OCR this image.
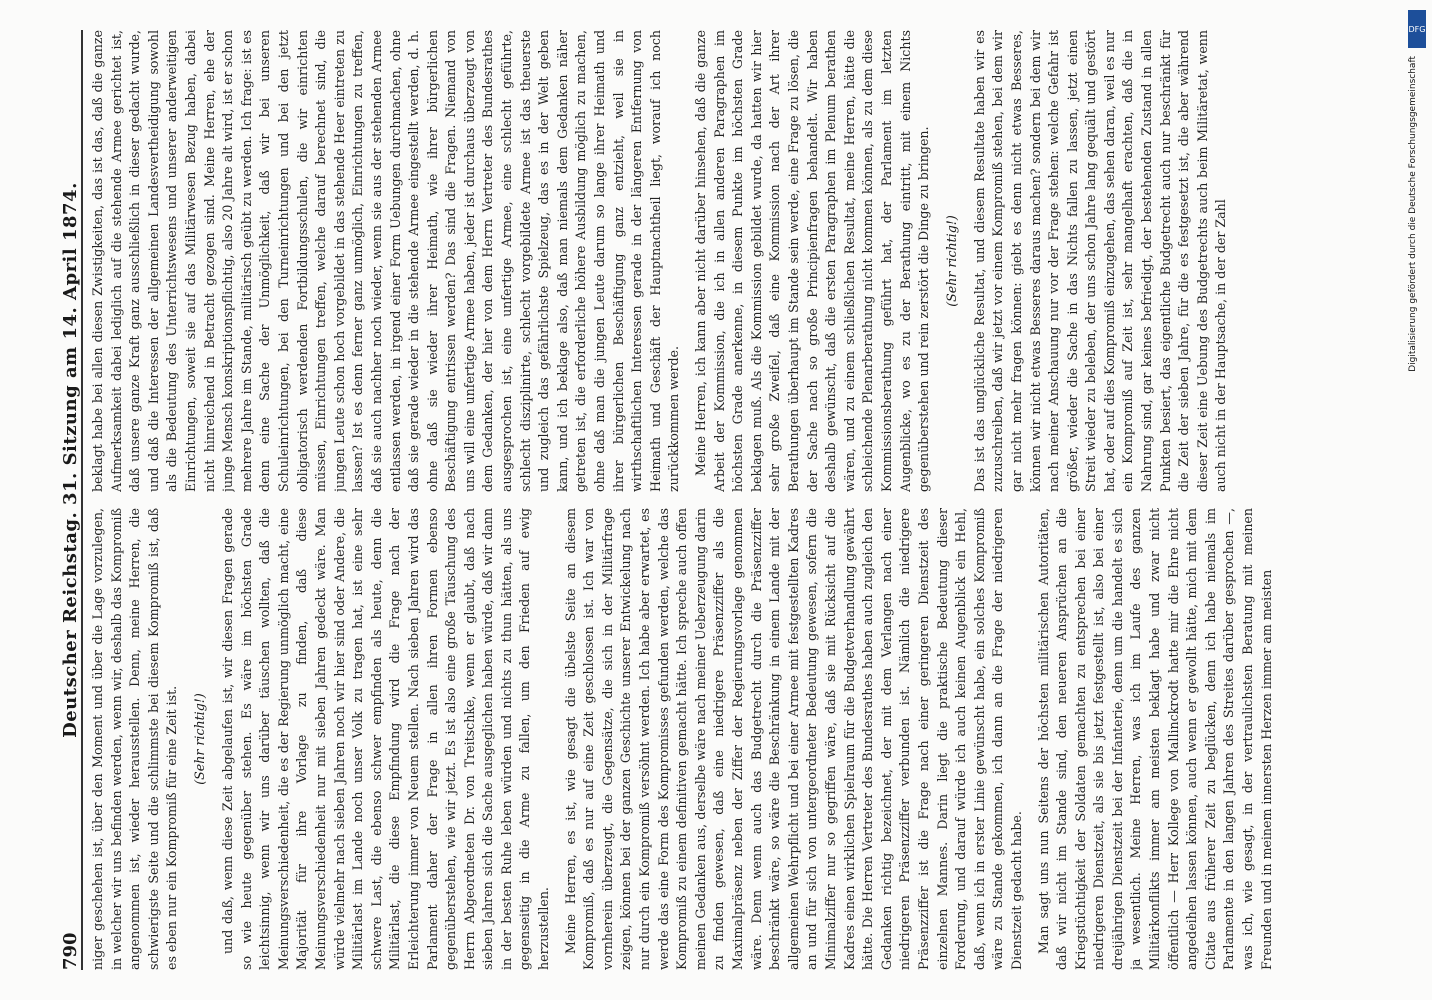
790
Deutscher Reichstag. 31. Sitzung am 14. April 1874.

niger geschehen ist, über den Moment und über die Lage vorzulegen, in welcher wir uns befinden werden, wenn wir, deshalb das Kompromiß angenommen ist, wieder herausstellen. Denn, meine Herren, die schwierigste Seite und die schlimmste bei diesem Kompromiß ist, daß es eben nur ein Kompromiß für eine Zeit ist. (Sehr richtig!) und daß, wenn diese Zeit abgelaufen ist, wir diesen Fragen gerade so wie heute gegenüber stehen. Es wäre im höchsten Grade leichtsinnig, wenn wir uns darüber täuschen wollten, daß die Meinungsverschiedenheit, die es der Regierung unmöglich macht, eine Majorität für ihre Vorlage zu finden, daß diese Meinungsverschiedenheit nur mit sieben Jahren gedeckt wäre. Man würde vielmehr nach sieben Jahren noch wir hier sind oder Andere, die Militärlast im Lande noch unser Volk zu tragen hat, ist eine sehr schwere Last, die ebenso schwer empfinden als heute, denn die Militärlast, die diese Empfindung wird die Frage nach der Erleichterung immer von Neuem stellen. Nach sieben Jahren wird das Parlament daher der Frage in allen ihren Formen ebenso gegenüberstehen, wie wir jetzt. Es ist also eine große Täuschung des Herrn Abgeordneten Dr. von Treitschke, wenn er glaubt, daß nach sieben Jahren sich die Sache ausgeglichen haben würde, daß wir dann in der besten Ruhe leben würden und nichts zu thun hätten, als uns gegenseitig in die Arme zu fallen, um den Frieden auf ewig herzustellen. Meine Herren, es ist, wie gesagt die übelste Seite an diesem Kompromiß, daß es nur auf eine Zeit geschlossen ist. Ich war von vornherein überzeugt, die Gegensätze, die sich in der Militärfrage zeigen, können bei der ganzen Geschichte unserer Entwickelung nach nur durch ein Kompromiß versöhnt werden. Ich habe aber erwartet, es werde das eine Form des Kompromisses gefunden werden, welche das Kompromiß zu einem definitiven gemacht hätte. Ich spreche auch offen meinen Gedanken aus, derselbe wäre nach meiner Ueberzeugung darin zu finden gewesen, daß eine niedrigere Präsenzziffer als die Maximalpräsenz neben der Ziffer der Regierungsvorlage genommen wäre. Denn wenn auch das Budgetrecht durch die Präsenzziffer beschränkt wäre, so wäre die Beschränkung in einem Lande mit der allgemeinen Wehrpflicht und bei einer Armee mit festgestellten Kadres an und für sich von untergeordneter Bedeutung gewesen, sofern die Minimalziffer nur so gegriffen wäre, daß sie mit Rücksicht auf die Kadres einen wirklichen Spielraum für die Budgetverhandlung gewährt hätte. Die Herren Vertreter des Bundesrathes haben auch zugleich den Gedanken richtig bezeichnet, der mit dem Verlangen nach einer niedrigeren Präsenzziffer verbunden ist. Nämlich die niedrigere Präsenzziffer ist die Frage nach einer geringeren Dienstzeit des einzelnen Mannes. Darin liegt die praktische Bedeutung dieser Forderung, und darauf würde ich auch keinen Augenblick ein Hehl, daß, wenn ich in erster Linie gewünscht habe, ein solches Kompromiß wäre zu Stande gekommen, ich dann an die Frage der niedrigeren Dienstzeit gedacht habe. Man sagt uns nun Seitens der höchsten militärischen Autoritäten, daß wir nicht im Stande sind, den neueren Ansprüchen an die Kriegstüchtigkeit der Soldaten gemachten zu entsprechen bei einer niedrigeren Dienstzeit, als sie bis jetzt festgestellt ist, also bei einer dreijährigen Dienstzeit bei der Infanterie, denn um die handelt es sich ja wesentlich. Meine Herren, was ich im Laufe des ganzen Militärkonflikts immer am meisten beklagt habe und zwar nicht öffentlich — Herr Kollege von Mallinckrodt hatte mir die Ehre nicht angedeihen lassen können, auch wenn er gewollt hätte, mich mit dem Citate aus früherer Zeit zu beglücken, denn ich habe niemals im Parlamente in den langen Jahren des Streites darüber gesprochen —, was ich, wie gesagt, in der vertraulichsten Beratung mit meinen Freunden und in meinem innersten Herzen immer am meisten

beklagt habe bei allen diesen Zwistigkeiten, das ist das, daß die ganze Aufmerksamkeit dabei lediglich auf die stehende Armee gerichtet ist, daß unsere ganze Kraft ganz ausschließlich in dieser gedacht wurde, und daß die Interessen der allgemeinen Landesvertheidigung sowohl als die Bedeutung des Unterrichtswesens und unserer anderweitigen Einrichtungen, soweit sie auf das Militärwesen Bezug haben, dabei nicht hinreichend in Betracht gezogen sind. Meine Herren, ehe der junge Mensch konskriptionspflichtig, also 20 Jahre alt wird, ist er schon mehrere Jahre im Stande, militärisch geübt zu werden. Ich frage: ist es denn eine Sache der Unmöglichkeit, daß wir bei unseren Schuleinrichtungen, bei den Turneinrichtungen und bei den jetzt obligatorisch werdenden Fortbildungsschulen, die wir einrichten müssen, Einrichtungen treffen, welche darauf berechnet sind, die jungen Leute schon hoch vorgebildet in das stehende Heer eintreten zu lassen? Ist es denn ferner ganz unmöglich, Einrichtungen zu treffen, daß sie auch nachher noch wieder, wenn sie aus der stehenden Armee entlassen werden, in irgend einer Form Uebungen durchmachen, ohne daß sie gerade wieder in die stehende Armee eingestellt werden, d. h. ohne daß sie wieder ihrer Heimath, wie ihrer bürgerlichen Beschäftigung entrissen werden? Das sind die Fragen. Niemand von uns will eine unfertige Armee haben, jeder ist durchaus überzeugt von dem Gedanken, der hier von dem Herrn Vertreter des Bundesrathes ausgesprochen ist, eine unfertige Armee, eine schlecht geführte, schlecht disziplinirte, schlecht vorgebildete Armee ist das theuerste und zugleich das gefährlichste Spielzeug, das es in der Welt geben kann, und ich beklage also, daß man niemals dem Gedanken näher getreten ist, die erforderliche höhere Ausbildung möglich zu machen, ohne daß man die jungen Leute darum so lange ihrer Heimath und ihrer bürgerlichen Beschäftigung ganz entzieht, weil sie in wirthschaftlichen Interessen gerade in der längeren Entfernung von Heimath und Geschäft der Hauptnachtheil liegt, worauf ich noch zurückkommen werde. Meine Herren, ich kann aber nicht darüber hinsehen, daß die ganze Arbeit der Kommission, die ich in allen anderen Paragraphen im höchsten Grade anerkenne, in diesem Punkte im höchsten Grade beklagen muß. Als die Kommission gebildet wurde, da hatten wir hier sehr große Zweifel, daß eine Kommission nach der Art ihrer Berathungen überhaupt im Stande sein werde, eine Frage zu lösen, die der Sache nach so große Principienfragen behandelt. Wir haben deshalb gewünscht, daß die ersten Paragraphen im Plenum berathen wären, und zu einem schließlichen Resultat, meine Herren, hätte die schleichende Plenarberathung nicht kommen können, als zu dem diese Kommissionsberathung geführt hat, der Parlament im letzten Augenblicke, wo es zu der Berathung eintritt, mit einem Nichts gegenüberstehen und rein zerstört die Dinge zu bringen. (Sehr richtig!) Das ist das unglückliche Resultat, und diesem Resultate haben wir es zuzuschreiben, daß wir jetzt vor einem Kompromiß stehen, bei dem wir gar nicht mehr fragen können: giebt es denn nicht etwas Besseres, können wir nicht etwas Besseres daraus machen? sondern bei dem wir nach meiner Anschauung nur vor der Frage stehen: welche Gefahr ist größer, wieder die Sache in das Nichts fallen zu lassen, jetzt einen Streit wieder zu beleben, der uns schon Jahre lang gequält und gestört hat, oder auf dies Kompromiß einzugehen, das sehen daran, weil es nur ein Kompromiß auf Zeit ist, sehr mangelhaft erachten, daß die in Nahrung sind, gar keines befriedigt, der bestehenden Zustand in allen Punkten besiert, das eigentliche Budgetrecht auch nur beschränkt für die Zeit der sieben Jahre, für die es festgesetzt ist, die aber während dieser Zeit eine Uebung des Budgetrechts auch beim Militäretat, wenn auch nicht in der Hauptsache, in der der Zahl

DFG
Digitalisierung gefördert durch die Deutsche Forschungsgemeinschaft
